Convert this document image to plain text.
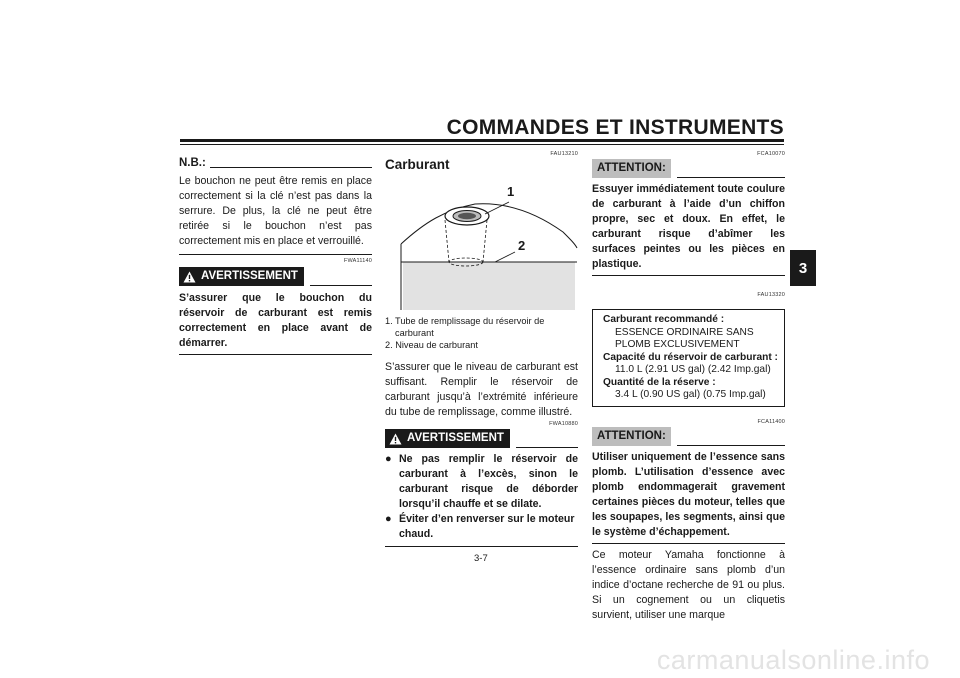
COMMANDES ET INSTRUMENTS
3
N.B.:
Le bouchon ne peut être remis en place correctement si la clé n’est pas dans la serrure. De plus, la clé ne peut être retirée si le bouchon n’est pas correctement mis en place et verrouillé.
FWA11140
AVERTISSEMENT
S’assurer que le bouchon du réservoir de carburant est remis correctement en place avant de démarrer.
FAU13210
Carburant
1
2
1. Tube de remplissage du réservoir de carburant
2. Niveau de carburant
S’assurer que le niveau de carburant est suffisant. Remplir le réservoir de carburant jusqu’à l’extrémité inférieure du tube de remplissage, comme illustré.
FWA10880
AVERTISSEMENT
● Ne pas remplir le réservoir de carburant à l’excès, sinon le carburant risque de déborder lorsqu’il chauffe et se dilate.
● Éviter d’en renverser sur le moteur chaud.
FCA10070
ATTENTION:
Essuyer immédiatement toute coulure de carburant à l’aide d’un chiffon propre, sec et doux. En effet, le carburant risque d’abîmer les surfaces peintes ou les pièces en plastique.
FAU13320
Carburant recommandé :
ESSENCE ORDINAIRE SANS
PLOMB EXCLUSIVEMENT
Capacité du réservoir de carburant :
11.0 L (2.91 US gal) (2.42 Imp.gal)
Quantité de la réserve :
3.4 L (0.90 US gal) (0.75 Imp.gal)
FCA11400
ATTENTION:
Utiliser uniquement de l’essence sans plomb. L’utilisation d’essence avec plomb endommagerait gravement certaines pièces du moteur, telles que les soupapes, les segments, ainsi que le système d’échappement.
Ce moteur Yamaha fonctionne à l’essence ordinaire sans plomb d’un indice d’octane recherche de 91 ou plus. Si un cognement ou un cliquetis survient, utiliser une marque
3-7
carmanualsonline.info
